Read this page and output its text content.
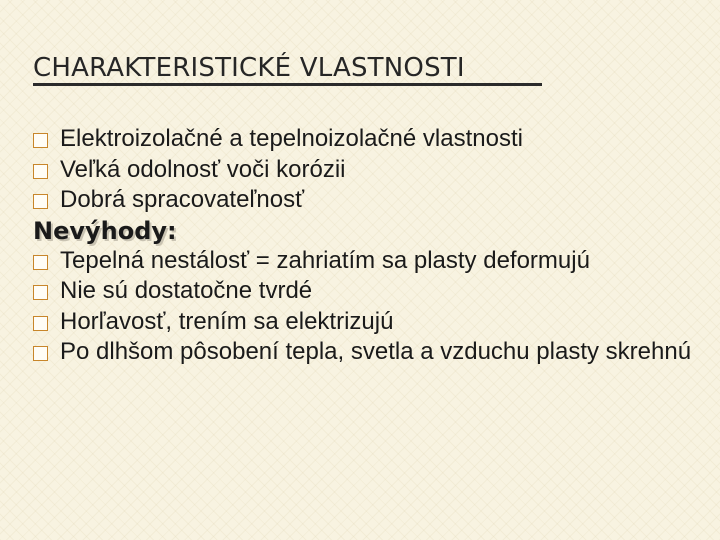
CHARAKTERISTICKÉ VLASTNOSTI
Elektroizolačné a tepelnoizolačné vlastnosti
Veľká odolnosť voči korózii
Dobrá spracovateľnosť
Nevýhody:
Tepelná nestálosť = zahriatím sa plasty deformujú
Nie sú dostatočne tvrdé
Horľavosť, trením sa elektrizujú
Po dlhšom pôsobení tepla, svetla a vzduchu plasty skrehnú
